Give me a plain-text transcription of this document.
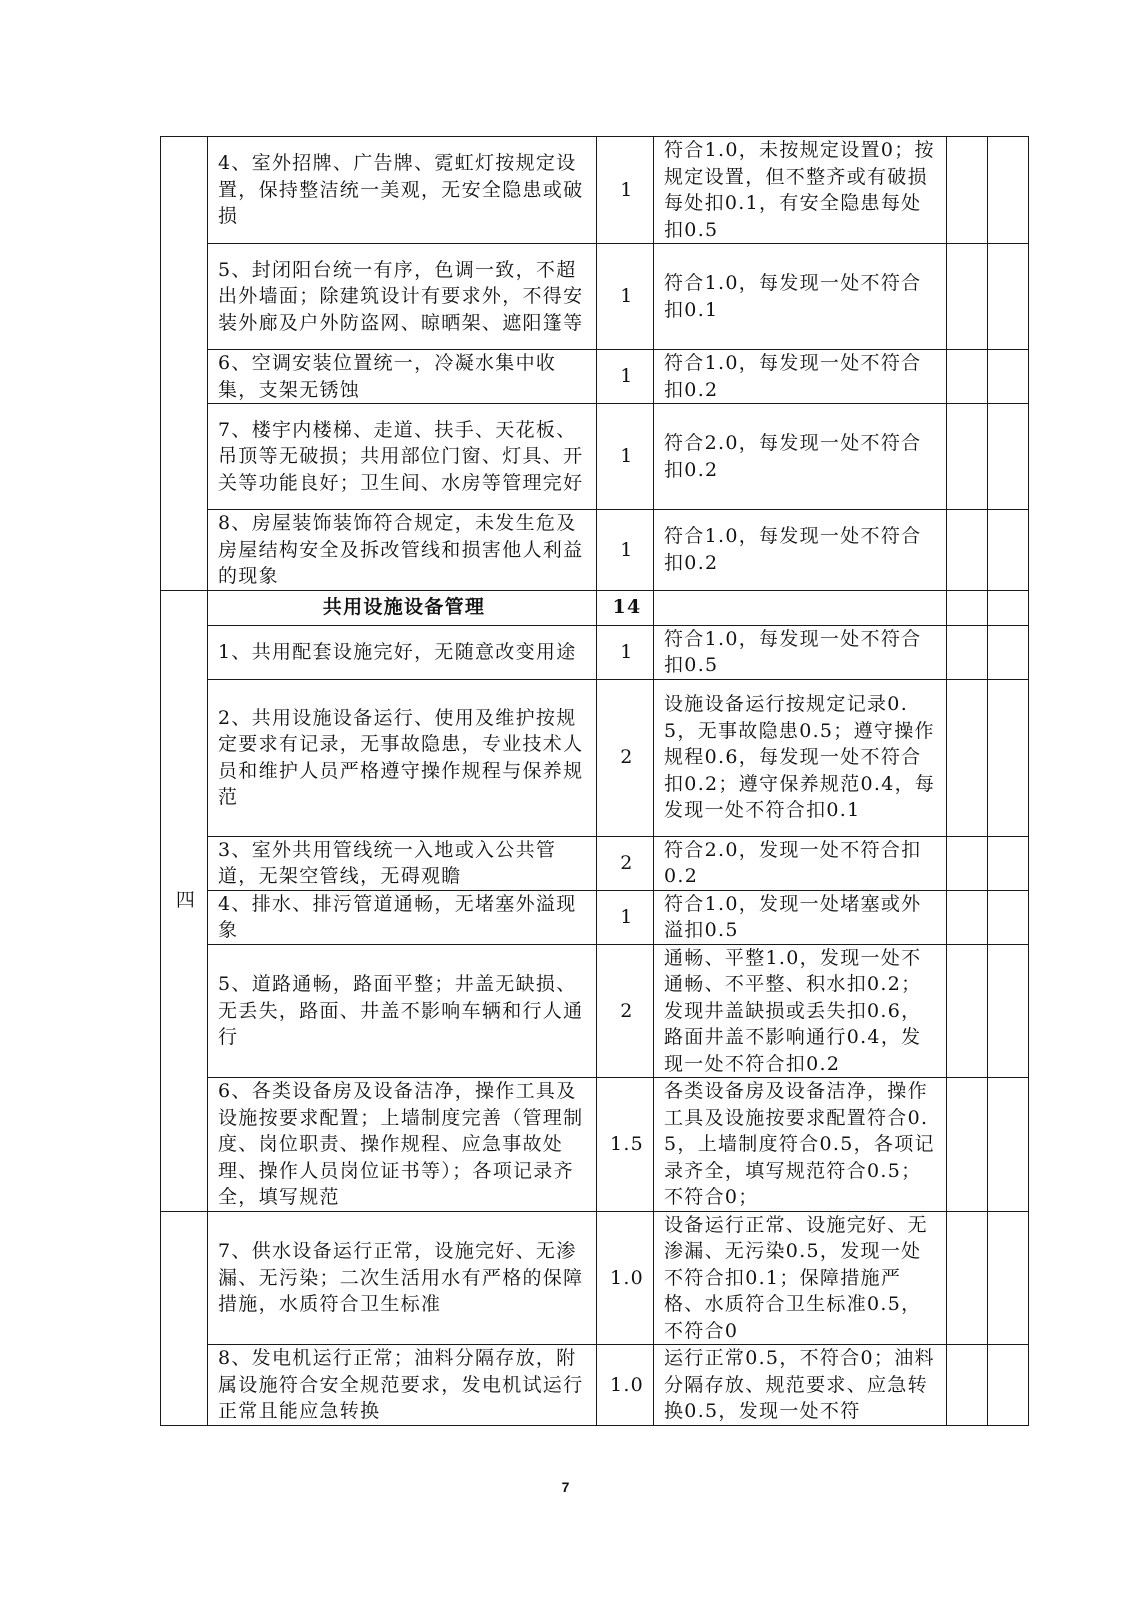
	4、室外招牌、广告牌、霓虹灯按规定设置，保持整洁统一美观，无安全隐患或破损	1	符合1.0，未按规定设置0；按规定设置，但不整齐或有破损每处扣0.1，有安全隐患每处扣0.5		
	5、封闭阳台统一有序，色调一致，不超出外墙面；除建筑设计有要求外，不得安装外廊及户外防盗网、晾晒架、遮阳篷等	1	符合1.0，每发现一处不符合扣0.1		
	6、空调安装位置统一，冷凝水集中收集，支架无锈蚀	1	符合1.0，每发现一处不符合扣0.2		
	7、楼宇内楼梯、走道、扶手、天花板、吊顶等无破损；共用部位门窗、灯具、开关等功能良好；卫生间、水房等管理完好	1	符合2.0，每发现一处不符合扣0.2		
	8、房屋装饰装饰符合规定，未发生危及房屋结构安全及拆改管线和损害他人利益的现象	1	符合1.0，每发现一处不符合扣0.2		
四	共用设施设备管理	14			
	1、共用配套设施完好，无随意改变用途	1	符合1.0，每发现一处不符合扣0.5		
	2、共用设施设备运行、使用及维护按规定要求有记录，无事故隐患，专业技术人员和维护人员严格遵守操作规程与保养规范	2	设施设备运行按规定记录0.5，无事故隐患0.5；遵守操作规程0.6，每发现一处不符合扣0.2；遵守保养规范0.4，每发现一处不符合扣0.1		
	3、室外共用管线统一入地或入公共管道，无架空管线，无碍观瞻	2	符合2.0，发现一处不符合扣0.2		
	4、排水、排污管道通畅，无堵塞外溢现象	1	符合1.0，发现一处堵塞或外溢扣0.5		
	5、道路通畅，路面平整；井盖无缺损、无丢失，路面、井盖不影响车辆和行人通行	2	通畅、平整1.0，发现一处不通畅、不平整、积水扣0.2；发现井盖缺损或丢失扣0.6，路面井盖不影响通行0.4，发现一处不符合扣0.2		
	6、各类设备房及设备洁净，操作工具及设施按要求配置；上墙制度完善（管理制度、岗位职责、操作规程、应急事故处理、操作人员岗位证书等）；各项记录齐全，填写规范	1.5	各类设备房及设备洁净，操作工具及设施按要求配置符合0.5，上墙制度符合0.5，各项记录齐全，填写规范符合0.5；不符合0；		
	7、供水设备运行正常，设施完好、无渗漏、无污染；二次生活用水有严格的保障措施，水质符合卫生标准	1.0	设备运行正常、设施完好、无渗漏、无污染0.5，发现一处不符合扣0.1；保障措施严格、水质符合卫生标准0.5，不符合0		
	8、发电机运行正常；油料分隔存放，附属设施符合安全规范要求，发电机试运行正常且能应急转换	1.0	运行正常0.5，不符合0；油料分隔存放、规范要求、应急转换0.5，发现一处不符		
7
